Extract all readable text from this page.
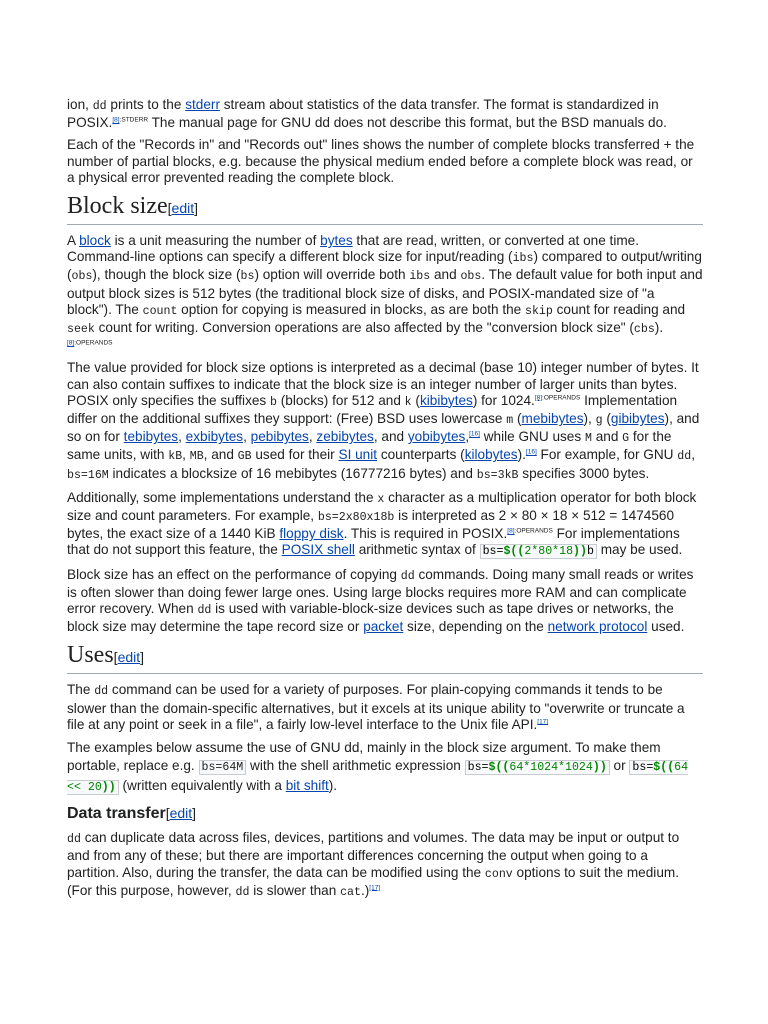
ion, dd prints to the stderr stream about statistics of the data transfer. The format is standardized in POSIX.$^{[8]:STDERR}$ The manual page for GNU dd does not describe this format, but the BSD manuals do.

Each of the "Records in" and "Records out" lines shows the number of complete blocks transferred + the number of partial blocks, e.g. because the physical medium ended before a complete block was read, or a physical error prevented reading the complete block.

Block size[edit]

A block is a unit measuring the number of bytes that are read, written, or converted at one time. Command-line options can specify a different block size for input/reading (ibs) compared to output/writing (obs), though the block size (bs) option will override both ibs and obs. The default value for both input and output block sizes is 512 bytes (the traditional block size of disks, and POSIX-mandated size of "a block"). The count option for copying is measured in blocks, as are both the skip count for reading and seek count for writing. Conversion operations are also affected by the "conversion block size" (cbs).$^{[8]:OPERANDS}$

The value provided for block size options is interpreted as a decimal (base 10) integer number of bytes. It can also contain suffixes to indicate that the block size is an integer number of larger units than bytes. POSIX only specifies the suffixes b (blocks) for 512 and k (kibibytes) for 1024.$^{[8]:OPERANDS}$ Implementation differ on the additional suffixes they support: (Free) BSD uses lowercase m (mebibytes), g (gibibytes), and so on for tebibytes, exbibytes, pebibytes, zebibytes, and yobibytes,[16] while GNU uses M and G for the same units, with kB, MB, and GB used for their SI unit counterparts (kilobytes).[16] For example, for GNU dd, bs=16M indicates a blocksize of 16 mebibytes (16777216 bytes) and bs=3kB specifies 3000 bytes.

Additionally, some implementations understand the x character as a multiplication operator for both block size and count parameters. For example, bs=2x80x18b is interpreted as 2 × 80 × 18 × 512 = 1474560 bytes, the exact size of a 1440 KiB floppy disk. This is required in POSIX.$^{[8]:OPERANDS}$ For implementations that do not support this feature, the POSIX shell arithmetic syntax of bs=$((2*80*18))b may be used.

Block size has an effect on the performance of copying dd commands. Doing many small reads or writes is often slower than doing fewer large ones. Using large blocks requires more RAM and can complicate error recovery. When dd is used with variable-block-size devices such as tape drives or networks, the block size may determine the tape record size or packet size, depending on the network protocol used.

Uses[edit]

The dd command can be used for a variety of purposes. For plain-copying commands it tends to be slower than the domain-specific alternatives, but it excels at its unique ability to "overwrite or truncate a file at any point or seek in a file", a fairly low-level interface to the Unix file API.[17]

The examples below assume the use of GNU dd, mainly in the block size argument. To make them portable, replace e.g. bs=64M with the shell arithmetic expression bs=$((64*1024*1024)) or bs=$((64 << 20)) (written equivalently with a bit shift).

Data transfer[edit]

dd can duplicate data across files, devices, partitions and volumes. The data may be input or output to and from any of these; but there are important differences concerning the output when going to a partition. Also, during the transfer, the data can be modified using the conv options to suit the medium. (For this purpose, however, dd is slower than cat.)[17]
